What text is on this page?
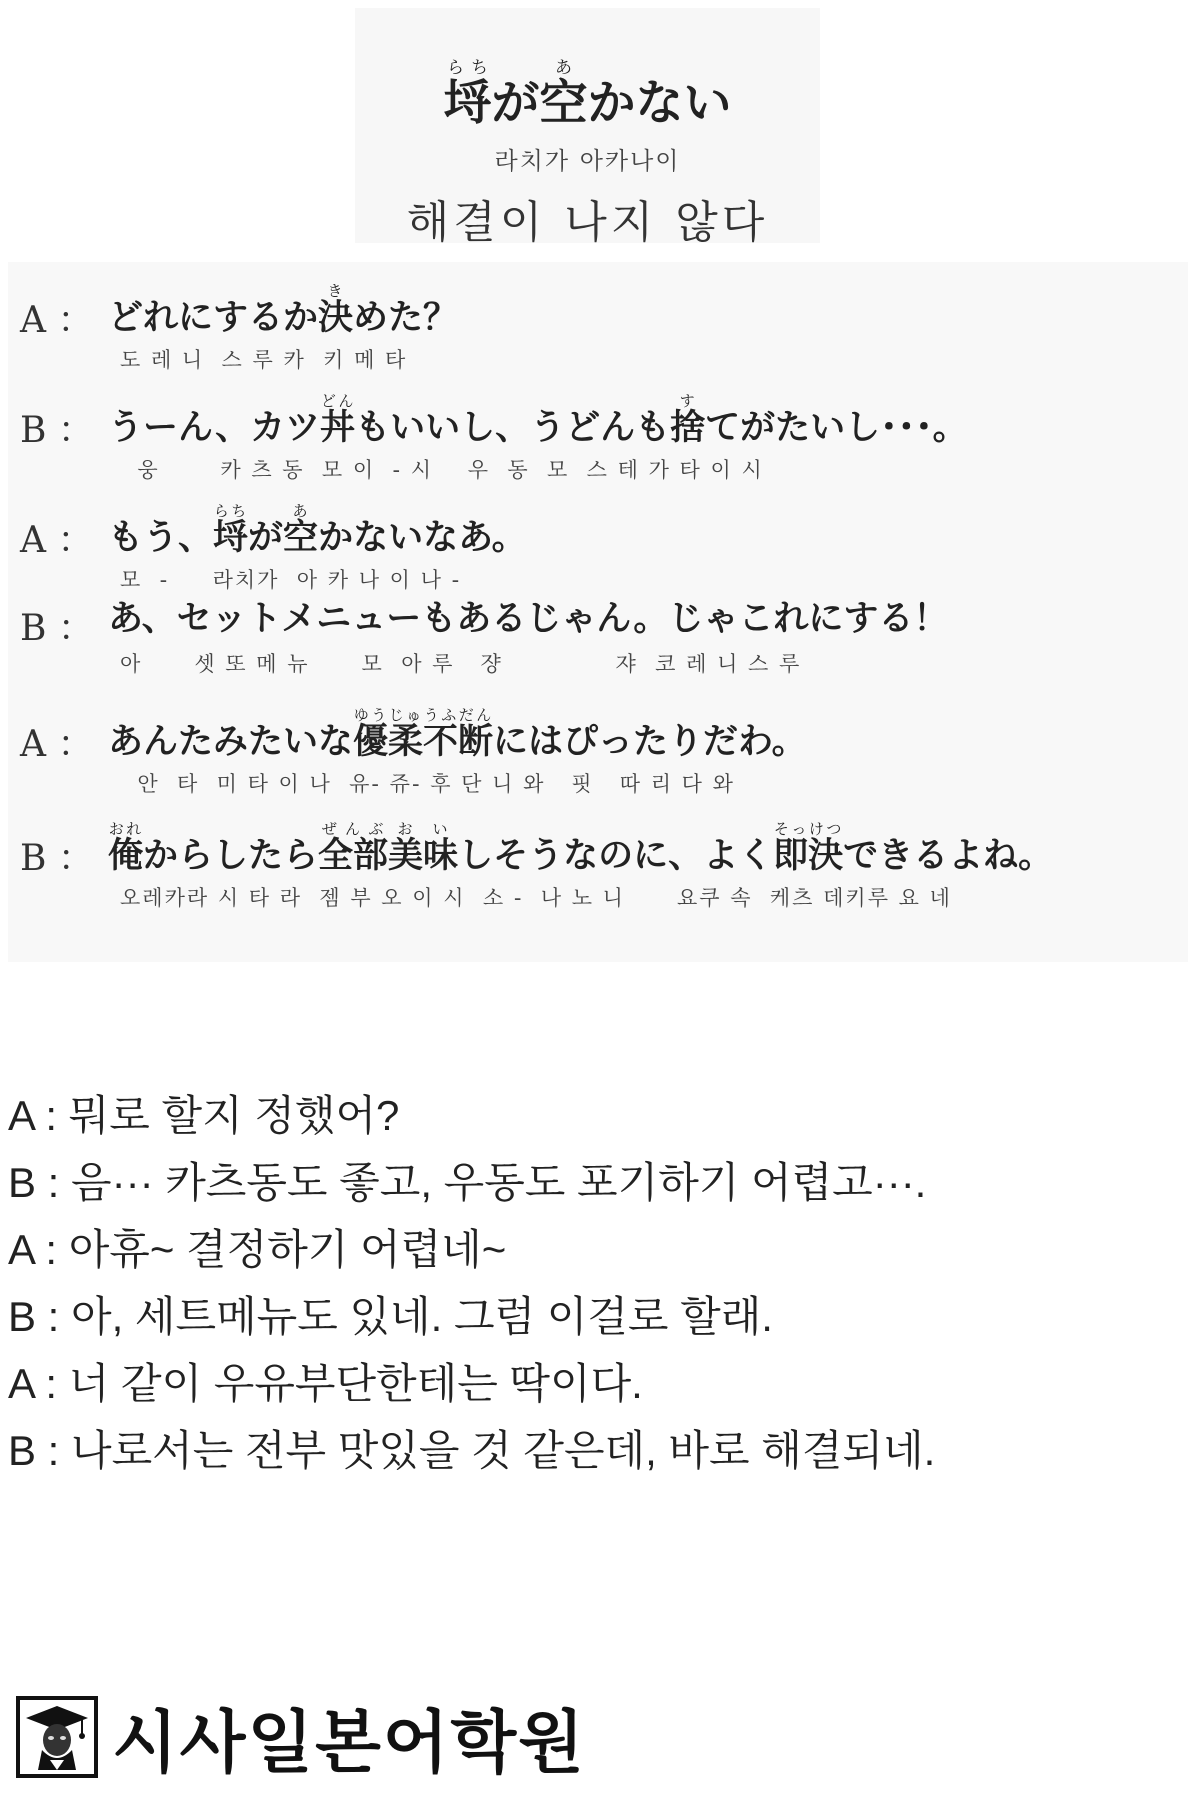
埒らちが空あかない
라치가 아카나이
해결이 나지 않다
A ： どれにするか決きめた？
도 레 니  스 루 카  키 메 타
B ： うーん、カツ丼どんもいいし、うどんも捨すてがたいし･･･。
웅       카 츠 동  모 이  - 시    우  동  모  스 테 가 타 이 시
A ： もう、埒らちが空あかないなあ。
모  -     라치가  아 카 나 이 나 -
B ： あ、セットメニューもあるじゃん。じゃこれにする！
아      셋 또 메 뉴      모  아 루   쟝             쟈  코 레 니 스 루
A ： あんたみたいな優柔不断ゆうじゅうふだんにはぴったりだわ。
안  타  미 타 이 나  유- 쥬- 후 단 니 와   핏   따 리 다 와
B ： 俺おれからしたら全部ぜんぶ美味おいしそうなのに、よく即決そっけつできるよね。
오레카라 시 타 라  젬 부 오 이 시  소 -  나 노 니      요쿠 속  케츠 데키루 요 네
A : 뭐로 할지 정했어?
B : 음··· 카츠동도 좋고, 우동도 포기하기 어렵고···.
A : 아휴~ 결정하기 어렵네~
B : 아, 세트메뉴도 있네. 그럼 이걸로 할래.
A : 너 같이 우유부단한테는 딱이다.
B : 나로서는 전부 맛있을 것 같은데, 바로 해결되네.
시사일본어학원
